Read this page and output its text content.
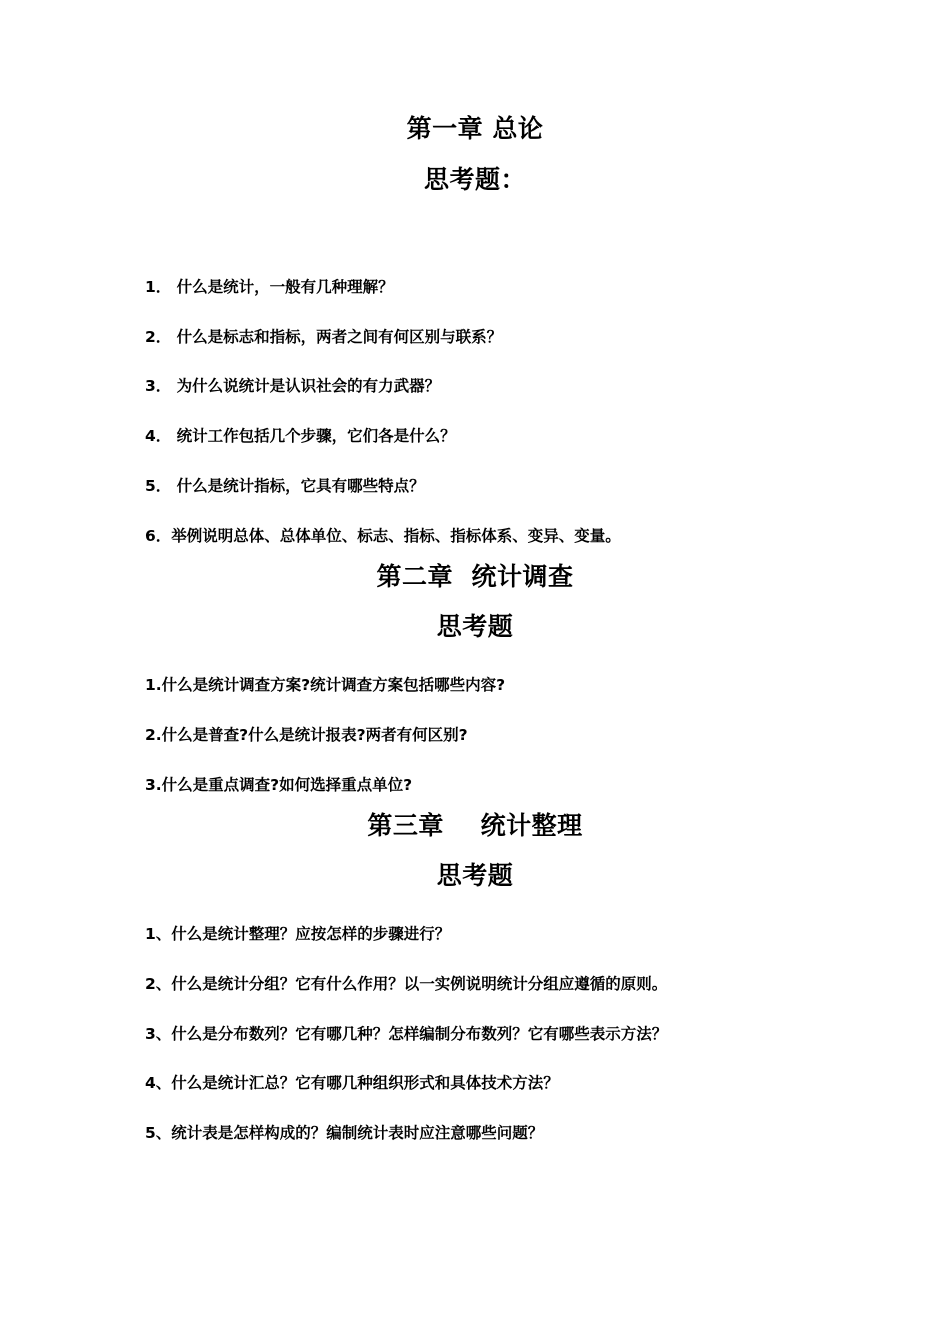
第一章 总论
思考题：
1． 什么是统计，一般有几种理解？
2． 什么是标志和指标，两者之间有何区别与联系？
3． 为什么说统计是认识社会的有力武器？
4． 统计工作包括几个步骤，它们各是什么？
5． 什么是统计指标，它具有哪些特点？
6．举例说明总体、总体单位、标志、指标、指标体系、变异、变量。
第二章  统计调查
思考题
1.什么是统计调查方案?统计调查方案包括哪些内容?
2.什么是普查?什么是统计报表?两者有何区别?
3.什么是重点调查?如何选择重点单位?
第三章    统计整理
思考题
1、什么是统计整理？应按怎样的步骤进行？
2、什么是统计分组？它有什么作用？以一实例说明统计分组应遵循的原则。
3、什么是分布数列？它有哪几种？怎样编制分布数列？它有哪些表示方法？
4、什么是统计汇总？它有哪几种组织形式和具体技术方法？
5、统计表是怎样构成的？编制统计表时应注意哪些问题？
